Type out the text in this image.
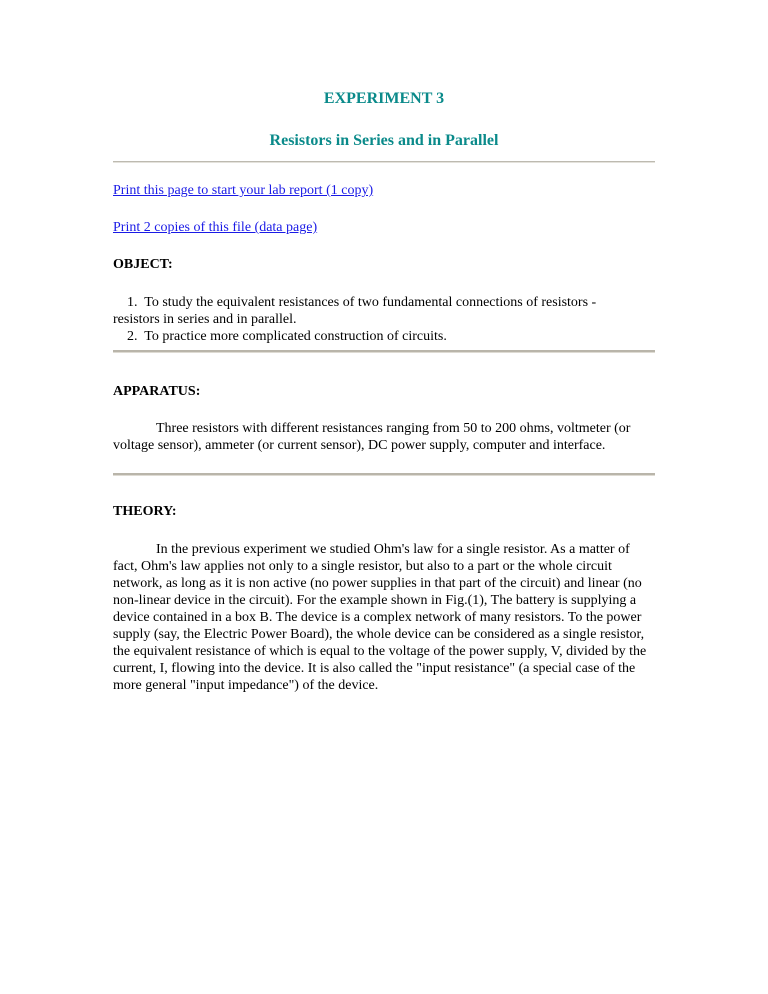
EXPERIMENT 3
Resistors in Series and in Parallel
Print this page to start your lab report (1 copy)
Print 2 copies of this file (data page)
OBJECT:
1.  To study the equivalent resistances of two fundamental connections of resistors -
resistors in series and in parallel.
2.  To practice more complicated construction of circuits.
APPARATUS:
Three resistors with different resistances ranging from 50 to 200 ohms, voltmeter (or
voltage sensor), ammeter (or current sensor), DC power supply, computer and interface.
THEORY:
In the previous experiment we studied Ohm's law for a single resistor. As a matter of
fact, Ohm's law applies not only to a single resistor, but also to a part or the whole circuit
network, as long as it is non active (no power supplies in that part of the circuit) and linear (no
non-linear device in the circuit). For the example shown in Fig.(1), The battery is supplying a
device contained in a box B. The device is a complex network of many resistors. To the power
supply (say, the Electric Power Board), the whole device can be considered as a single resistor,
the equivalent resistance of which is equal to the voltage of the power supply, V, divided by the
current, I, flowing into the device. It is also called the "input resistance" (a special case of the
more general "input impedance") of the device.
